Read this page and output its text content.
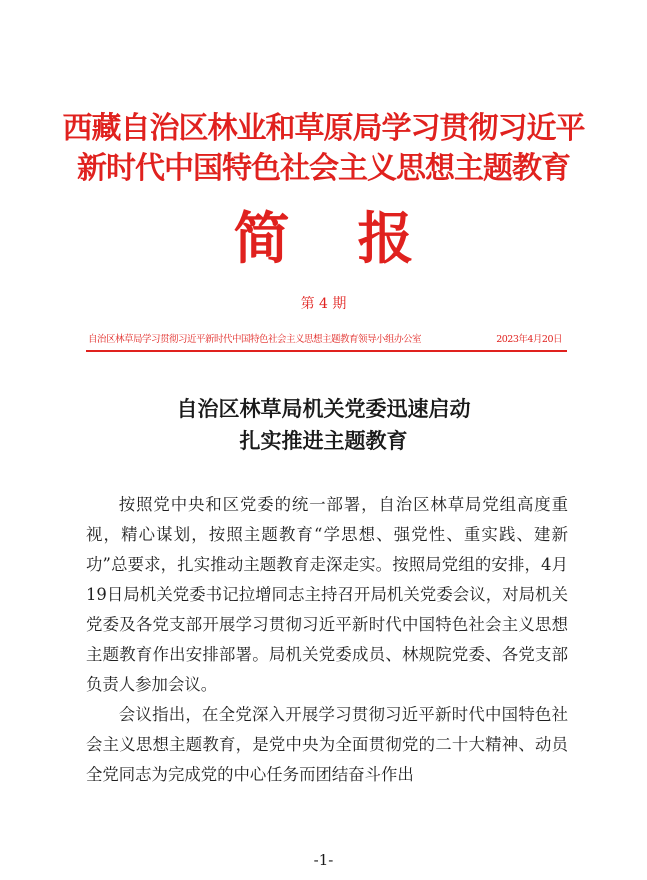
西藏自治区林业和草原局学习贯彻习近平
新时代中国特色社会主义思想主题教育
简 报
第 4 期
自治区林草局学习贯彻习近平新时代中国特色社会主义思想主题教育领导小组办公室	2023年4月20日
自治区林草局机关党委迅速启动
扎实推进主题教育

按照党中央和区党委的统一部署，自治区林草局党组高度重视，精心谋划，按照主题教育“学思想、强党性、重实践、建新功”总要求，扎实推动主题教育走深走实。按照局党组的安排，4月19日局机关党委书记拉增同志主持召开局机关党委会议，对局机关党委及各党支部开展学习贯彻习近平新时代中国特色社会主义思想主题教育作出安排部署。局机关党委成员、林规院党委、各党支部负责人参加会议。

会议指出，在全党深入开展学习贯彻习近平新时代中国特色社会主义思想主题教育，是党中央为全面贯彻党的二十大精神、动员全党同志为完成党的中心任务而团结奋斗作出

-1-
